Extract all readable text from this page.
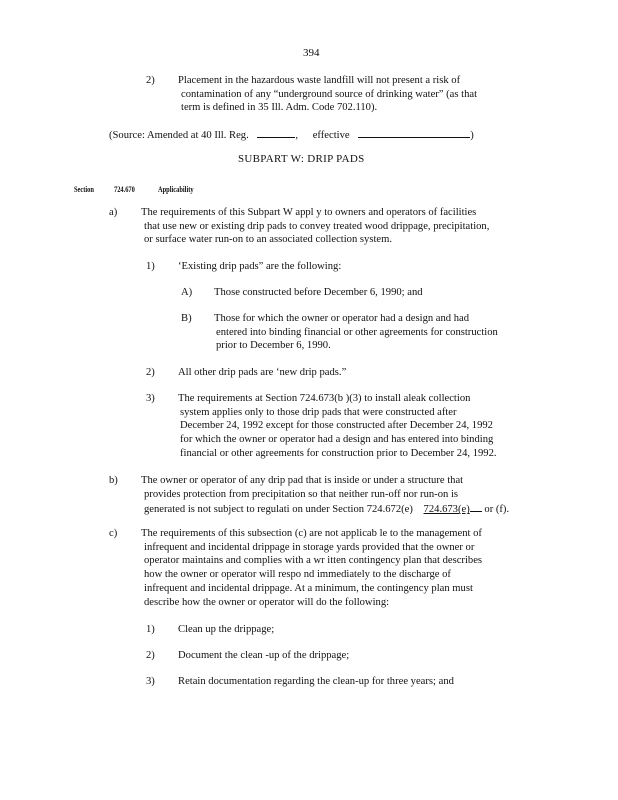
394
2) Placement in the hazardous waste landfill will not present a risk of
contamination of any “underground source of drinking water” (as that
term is defined in 35 Ill. Adm. Code 702.110).
(Source: Amended at 40 Ill. Reg.	, effective	)
SUBPART W: DRIP PADS
Section	724.670	Applicability
a) The requirements of this Subpart W appl y to owners and operators of facilities
that use new or existing drip pads to convey treated wood drippage, precipitation,
or surface water run-on to an associated collection system.
1) ‘Existing drip pads” are the following:
A) Those constructed before December 6, 1990; and
B) Those for which the owner or operator had a design and had
entered into binding financial or other agreements for construction
prior to December 6, 1990.
2) All other drip pads are ‘new drip pads.”
3) The requirements at Section 724.673(b )(3) to install aleak collection
system applies only to those drip pads that were constructed after
December 24, 1992 except for those constructed after December 24, 1992
for which the owner or operator had a design and has entered into binding
financial or other agreements for construction prior to December 24, 1992.
b) The owner or operator of any drip pad that is inside or under a structure that
provides protection from precipitation so that neither run-off nor run-on is
generated is not subject to regulati on under Section 724.672(e) 724.673(e) or (f).
c) The requirements of this subsection (c) are not applicab le to the management of
infrequent and incidental drippage in storage yards provided that the owner or
operator maintains and complies with a wr itten contingency plan that describes
how the owner or operator will respo nd immediately to the discharge of
infrequent and incidental drippage. At a minimum, the contingency plan must
describe how the owner or operator will do the following:
1) Clean up the drippage;
2) Document the clean -up of the drippage;
3) Retain documentation regarding the clean-up for three years; and
